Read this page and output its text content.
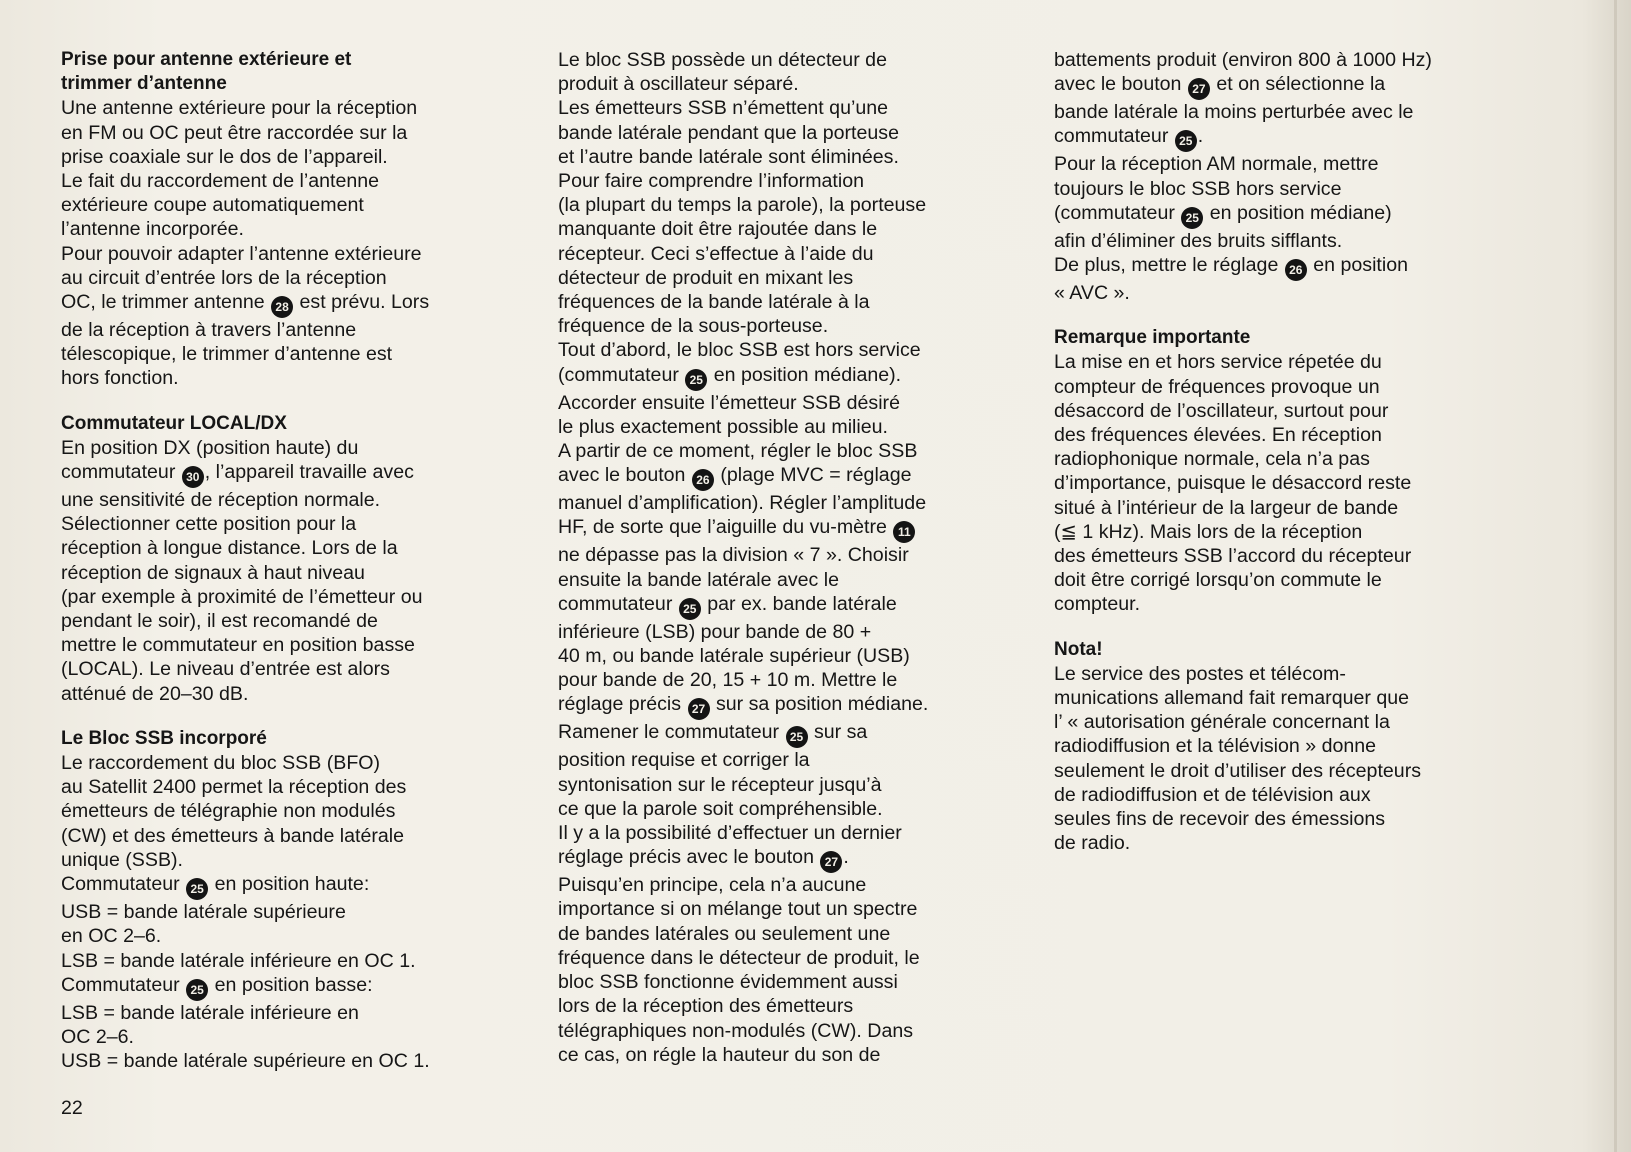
Prise pour antenne extérieure et
trimmer d’antenne

Une antenne extérieure pour la réception
en FM ou OC peut être raccordée sur la
prise coaxiale sur le dos de l’appareil.
Le fait du raccordement de l’antenne
extérieure coupe automatiquement
l’antenne incorporée.
Pour pouvoir adapter l’antenne extérieure
au circuit d’entrée lors de la réception
OC, le trimmer antenne 28 est prévu. Lors
de la réception à travers l’antenne
télescopique, le trimmer d’antenne est
hors fonction.

Commutateur LOCAL/DX

En position DX (position haute) du
commutateur 30 , l’appareil travaille avec
une sensitivité de réception normale.
Sélectionner cette position pour la
réception à longue distance. Lors de la
réception de signaux à haut niveau
(par exemple à proximité de l’émetteur ou
pendant le soir), il est recomandé de
mettre le commutateur en position basse
(LOCAL). Le niveau d’entrée est alors
atténué de 20–30 dB.

Le Bloc SSB incorporé

Le raccordement du bloc SSB (BFO)
au Satellit 2400 permet la réception des
émetteurs de télégraphie non modulés
(CW) et des émetteurs à bande latérale
unique (SSB).
Commutateur 25 en position haute:
USB = bande latérale supérieure
en OC 2–6.
LSB = bande latérale inférieure en OC 1.
Commutateur 25 en position basse:
LSB = bande latérale inférieure en
OC 2–6.
USB = bande latérale supérieure en OC 1.

Le bloc SSB possède un détecteur de
produit à oscillateur séparé.
Les émetteurs SSB n’émettent qu’une
bande latérale pendant que la porteuse
et l’autre bande latérale sont éliminées.
Pour faire comprendre l’information
(la plupart du temps la parole), la porteuse
manquante doit être rajoutée dans le
récepteur. Ceci s’effectue à l’aide du
détecteur de produit en mixant les
fréquences de la bande latérale à la
fréquence de la sous-porteuse.
Tout d’abord, le bloc SSB est hors service
(commutateur 25 en position médiane).
Accorder ensuite l’émetteur SSB désiré
le plus exactement possible au milieu.
A partir de ce moment, régler le bloc SSB
avec le bouton 26 (plage MVC = réglage
manuel d’amplification). Régler l’amplitude
HF, de sorte que l’aiguille du vu-mètre 11
ne dépasse pas la division « 7 ». Choisir
ensuite la bande latérale avec le
commutateur 25 par ex. bande latérale
inférieure (LSB) pour bande de 80 +
40 m, ou bande latérale supérieur (USB)
pour bande de 20, 15 + 10 m. Mettre le
réglage précis 27 sur sa position médiane.
Ramener le commutateur 25 sur sa
position requise et corriger la
syntonisation sur le récepteur jusqu’à
ce que la parole soit compréhensible.
Il y a la possibilité d’effectuer un dernier
réglage précis avec le bouton 27 .
Puisqu’en principe, cela n’a aucune
importance si on mélange tout un spectre
de bandes latérales ou seulement une
fréquence dans le détecteur de produit, le
bloc SSB fonctionne évidemment aussi
lors de la réception des émetteurs
télégraphiques non-modulés (CW). Dans
ce cas, on régle la hauteur du son de

battements produit (environ 800 à 1000 Hz)
avec le bouton 27 et on sélectionne la
bande latérale la moins perturbée avec le
commutateur 25 .
Pour la réception AM normale, mettre
toujours le bloc SSB hors service
(commutateur 25 en position médiane)
afin d’éliminer des bruits sifflants.
De plus, mettre le réglage 26 en position
« AVC ».

Remarque importante

La mise en et hors service répetée du
compteur de fréquences provoque un
désaccord de l’oscillateur, surtout pour
des fréquences élevées. En réception
radiophonique normale, cela n’a pas
d’importance, puisque le désaccord reste
situé à l’intérieur de la largeur de bande
(≦ 1 kHz). Mais lors de la réception
des émetteurs SSB l’accord du récepteur
doit être corrigé lorsqu’on commute le
compteur.

Nota!

Le service des postes et télécom-
munications allemand fait remarquer que
l’ « autorisation générale concernant la
radiodiffusion et la télévision » donne
seulement le droit d’utiliser des récepteurs
de radiodiffusion et de télévision aux
seules fins de recevoir des émessions
de radio.

22
